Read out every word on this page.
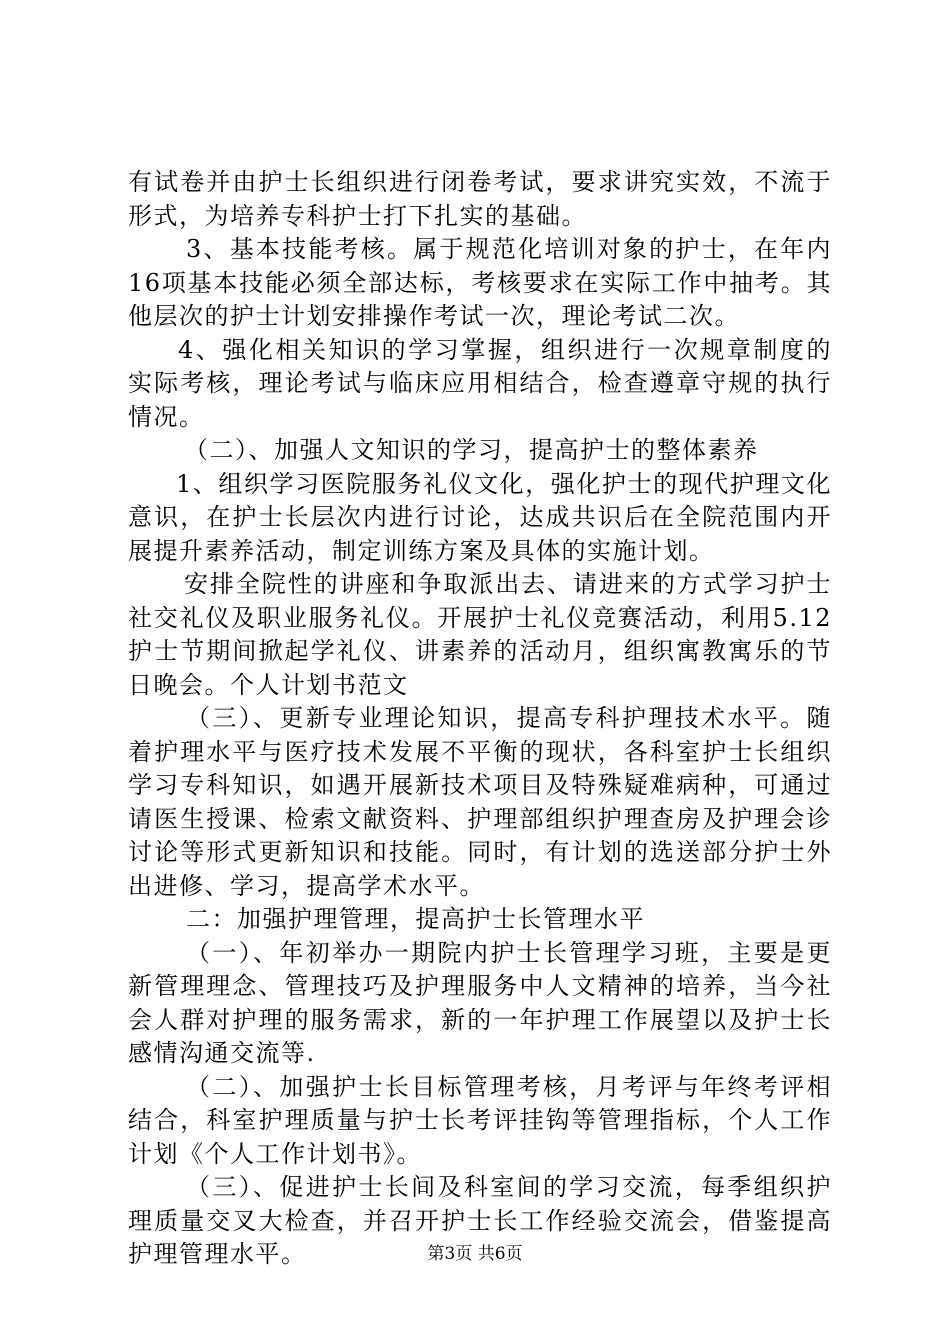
有试卷并由护士长组织进行闭卷考试，要求讲究实效，不流于形式，为培养专科护士打下扎实的基础。

3、基本技能考核。属于规范化培训对象的护士，在年内16项基本技能必须全部达标，考核要求在实际工作中抽考。其他层次的护士计划安排操作考试一次，理论考试二次。

4、强化相关知识的学习掌握，组织进行一次规章制度的实际考核，理论考试与临床应用相结合，检查遵章守规的执行情况。

（二）、加强人文知识的学习，提高护士的整体素养

1、组织学习医院服务礼仪文化，强化护士的现代护理文化意识，在护士长层次内进行讨论，达成共识后在全院范围内开展提升素养活动，制定训练方案及具体的实施计划。

安排全院性的讲座和争取派出去、请进来的方式学习护士社交礼仪及职业服务礼仪。开展护士礼仪竞赛活动，利用5.12护士节期间掀起学礼仪、讲素养的活动月，组织寓教寓乐的节日晚会。个人计划书范文

（三）、更新专业理论知识，提高专科护理技术水平。随着护理水平与医疗技术发展不平衡的现状，各科室护士长组织学习专科知识，如遇开展新技术项目及特殊疑难病种，可通过请医生授课、检索文献资料、护理部组织护理查房及护理会诊讨论等形式更新知识和技能。同时，有计划的选送部分护士外出进修、学习，提高学术水平。

二：加强护理管理，提高护士长管理水平

（一）、年初举办一期院内护士长管理学习班，主要是更新管理理念、管理技巧及护理服务中人文精神的培养，当今社会人群对护理的服务需求，新的一年护理工作展望以及护士长感情沟通交流等.

（二）、加强护士长目标管理考核，月考评与年终考评相结合，科室护理质量与护士长考评挂钩等管理指标，个人工作计划《个人工作计划书》。

（三）、促进护士长间及科室间的学习交流，每季组织护理质量交叉大检查，并召开护士长工作经验交流会，借鉴提高护理管理水平。	第3页 共6页
